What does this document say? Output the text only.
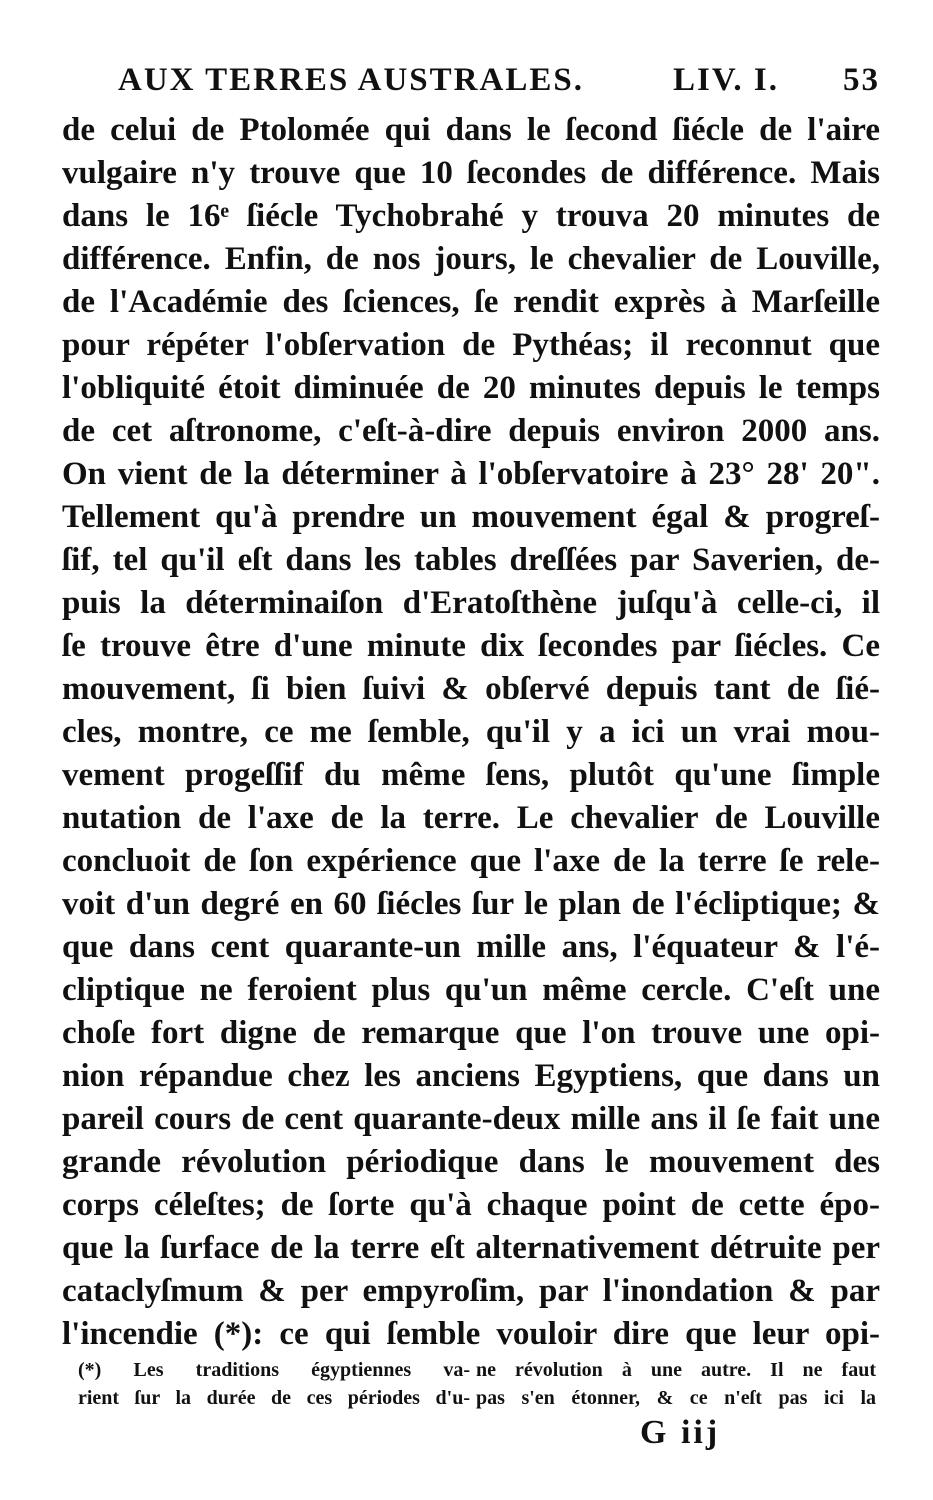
AUX TERRES AUSTRALES.	LIV. I. 53
de celui de Ptolomée qui dans le ſecond ſiécle de l'aire
vulgaire n'y trouve que 10 ſecondes de différence. Mais
dans le 16ᵉ ſiécle Tychobrahé y trouva 20 minutes de
différence. Enfin, de nos jours, le chevalier de Louville,
de l'Académie des ſciences, ſe rendit exprès à Marſeille
pour répéter l'obſervation de Pythéas; il reconnut que
l'obliquité étoit diminuée de 20 minutes depuis le temps
de cet aſtronome, c'eſt-à-dire depuis environ 2000 ans.
On vient de la déterminer à l'obſervatoire à 23° 28' 20".
Tellement qu'à prendre un mouvement égal & progreſ-
ſif, tel qu'il eſt dans les tables dreſſées par Saverien, de-
puis la déterminaiſon d'Eratoſthène juſqu'à celle-ci, il
ſe trouve être d'une minute dix ſecondes par ſiécles. Ce
mouvement, ſi bien ſuivi & obſervé depuis tant de ſié-
cles, montre, ce me ſemble, qu'il y a ici un vrai mou-
vement progeſſif du même ſens, plutôt qu'une ſimple
nutation de l'axe de la terre. Le chevalier de Louville
concluoit de ſon expérience que l'axe de la terre ſe rele-
voit d'un degré en 60 ſiécles ſur le plan de l'écliptique; &
que dans cent quarante-un mille ans, l'équateur & l'é-
cliptique ne feroient plus qu'un même cercle. C'eſt une
choſe fort digne de remarque que l'on trouve une opi-
nion répandue chez les anciens Egyptiens, que dans un
pareil cours de cent quarante-deux mille ans il ſe fait une
grande révolution périodique dans le mouvement des
corps céleſtes; de ſorte qu'à chaque point de cette épo-
que la ſurface de la terre eſt alternativement détruite per
cataclyſmum & per empyroſim, par l'inondation & par
l'incendie (*): ce qui ſemble vouloir dire que leur opi-
(*) Les traditions égyptiennes va-
rient ſur la durée de ces périodes d'u-
ne révolution à une autre. Il ne faut
pas s'en étonner, & ce n'eſt pas ici la
G iij
